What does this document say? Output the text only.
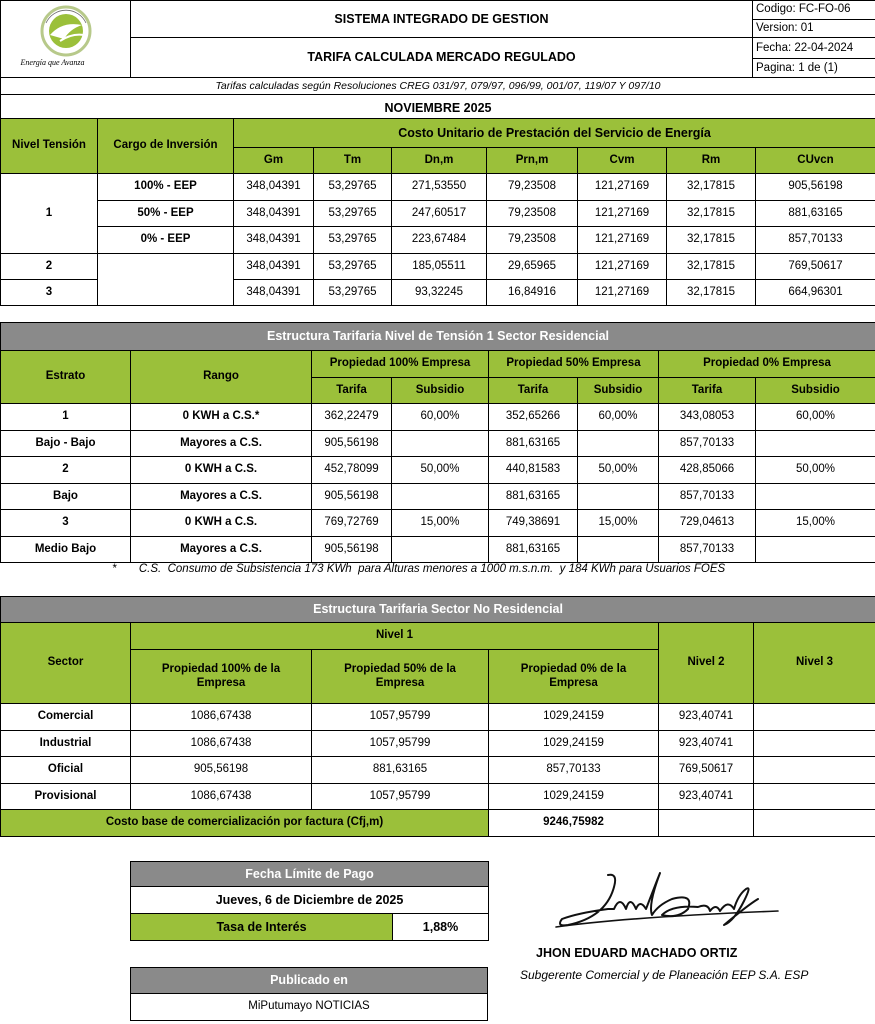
Energía que Avanza	SISTEMA INTEGRADO DE GESTION	Codigo: FC-FO-06
		Version: 01
	TARIFA CALCULADA MERCADO REGULADO	Fecha: 22-04-2024
		Pagina: 1 de (1)
Tarifas calculadas según Resoluciones CREG 031/97, 079/97, 096/99, 001/07, 119/07 Y 097/10		
NOVIEMBRE 2025		
Nivel Tensión	Cargo de Inversión	Costo Unitario de Prestación del Servicio de Energía						
		Gm	Tm	Dn,m	Prn,m	Cvm	Rm	CUvcn
1	100% - EEP	348,04391	53,29765	271,53550	79,23508	121,27169	32,17815	905,56198
	50% - EEP	348,04391	53,29765	247,60517	79,23508	121,27169	32,17815	881,63165
	0% - EEP	348,04391	53,29765	223,67484	79,23508	121,27169	32,17815	857,70133
2		348,04391	53,29765	185,05511	29,65965	121,27169	32,17815	769,50617
3		348,04391	53,29765	93,32245	16,84916	121,27169	32,17815	664,96301
Estructura Tarifaria Nivel de Tensión 1 Sector Residencial							
Estrato	Rango	Propiedad 100% Empresa		Propiedad 50% Empresa		Propiedad 0% Empresa	
		Tarifa	Subsidio	Tarifa	Subsidio	Tarifa	Subsidio
1	0 KWH a C.S.*	362,22479	60,00%	352,65266	60,00%	343,08053	60,00%
Bajo - Bajo	Mayores a C.S.	905,56198		881,63165		857,70133	
2	0 KWH a C.S.	452,78099	50,00%	440,81583	50,00%	428,85066	50,00%
Bajo	Mayores a C.S.	905,56198		881,63165		857,70133	
3	0 KWH a C.S.	769,72769	15,00%	749,38691	15,00%	729,04613	15,00%
Medio Bajo	Mayores a C.S.	905,56198		881,63165		857,70133	
*       C.S.  Consumo de Subsistencia 173 KWh  para Alturas menores a 1000 m.s.n.m.  y 184 KWh para Usuarios FOES
Estructura Tarifaria Sector No Residencial					
Sector	Nivel 1			Nivel 2	Nivel 3
	Propiedad 100% de la Empresa	Propiedad 50% de la Empresa	Propiedad 0% de la Empresa		
Comercial	1086,67438	1057,95799	1029,24159	923,40741	
Industrial	1086,67438	1057,95799	1029,24159	923,40741	
Oficial	905,56198	881,63165	857,70133	769,50617	
Provisional	1086,67438	1057,95799	1029,24159	923,40741	
Costo base de comercialización por factura (Cfj,m)			9246,75982		
Fecha Límite de Pago
Jueves, 6 de Diciembre de 2025
Tasa de Interés	1,88%
Publicado en
MiPutumayo NOTICIAS
JHON EDUARD MACHADO ORTIZ
Subgerente Comercial y de Planeación EEP S.A. ESP
